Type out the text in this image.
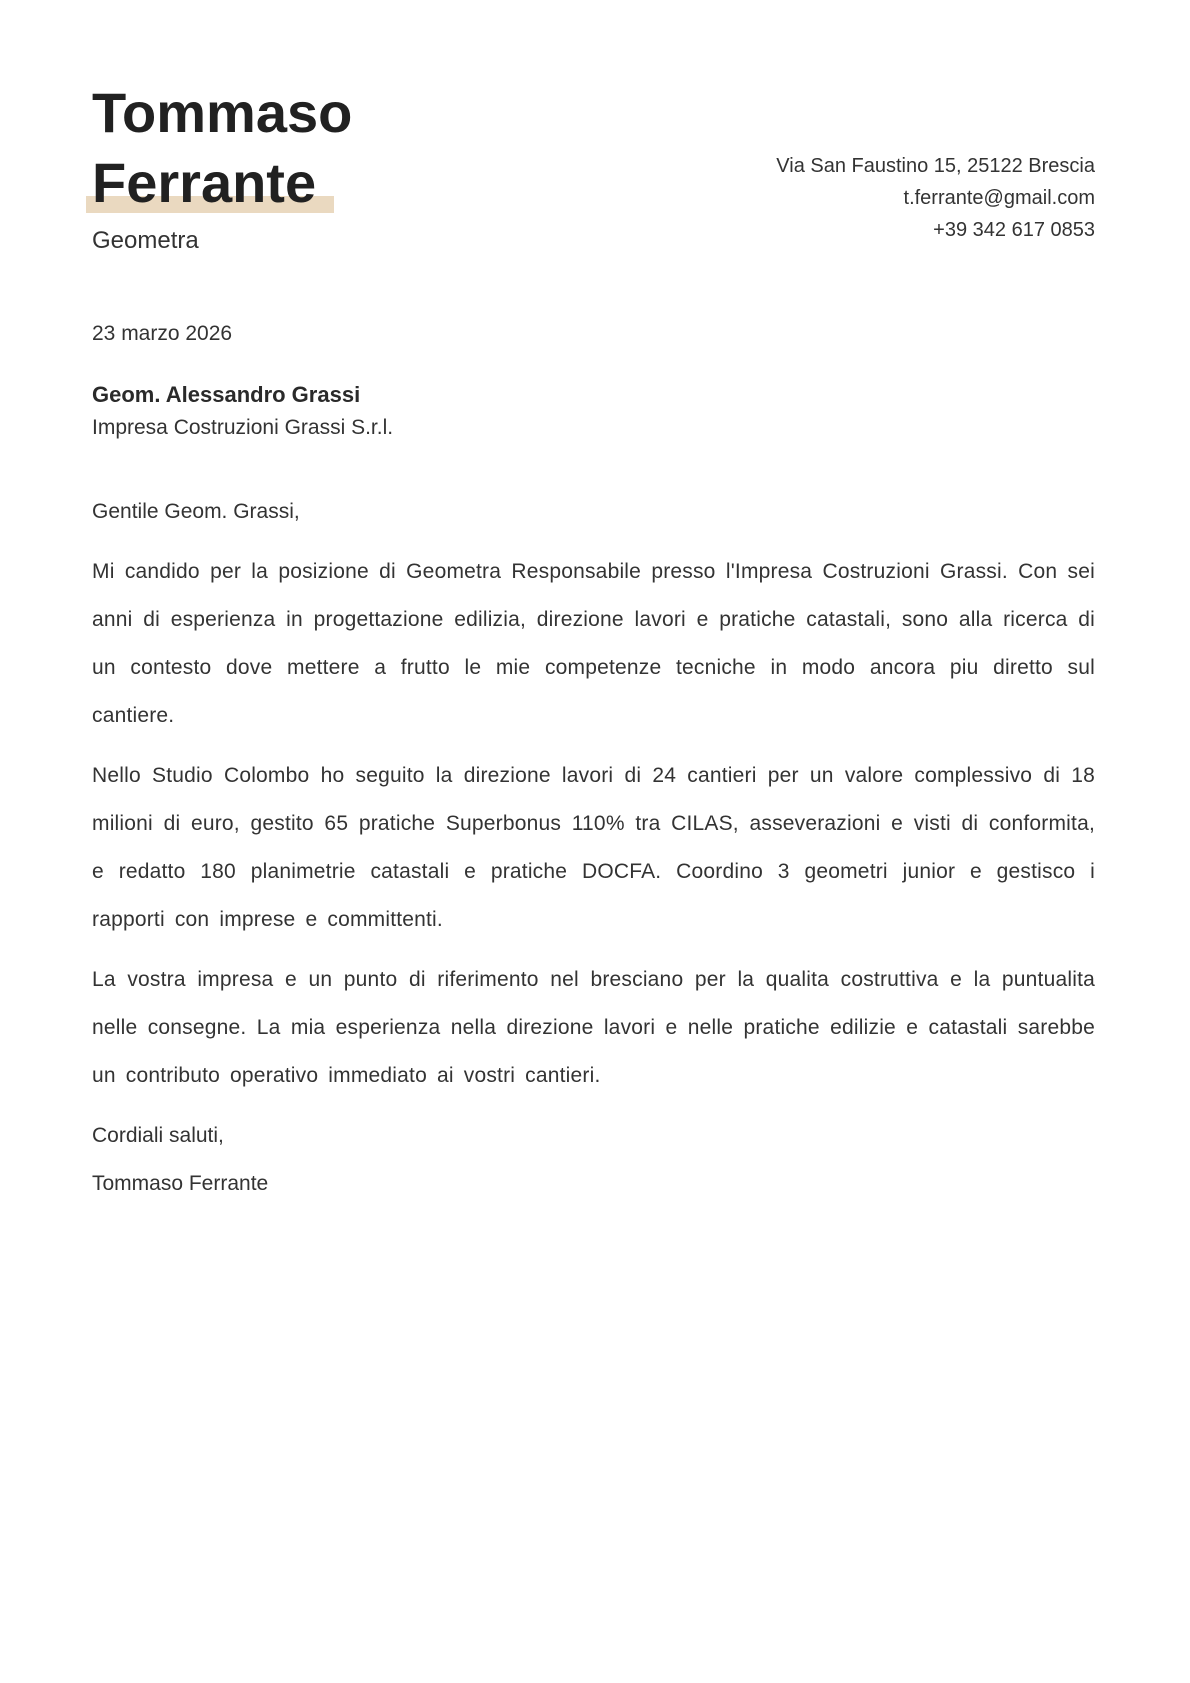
Tommaso
Ferrante
Geometra
Via San Faustino 15, 25122 Brescia
t.ferrante@gmail.com
+39 342 617 0853
23 marzo 2026
Geom. Alessandro Grassi
Impresa Costruzioni Grassi S.r.l.

Gentile Geom. Grassi,

Mi candido per la posizione di Geometra Responsabile presso l'Impresa Costruzioni Grassi. Con sei anni di esperienza in progettazione edilizia, direzione lavori e pratiche catastali, sono alla ricerca di un contesto dove mettere a frutto le mie competenze tecniche in modo ancora piu diretto sul cantiere.

Nello Studio Colombo ho seguito la direzione lavori di 24 cantieri per un valore complessivo di 18 milioni di euro, gestito 65 pratiche Superbonus 110% tra CILAS, asseverazioni e visti di conformita, e redatto 180 planimetrie catastali e pratiche DOCFA. Coordino 3 geometri junior e gestisco i rapporti con imprese e committenti.

La vostra impresa e un punto di riferimento nel bresciano per la qualita costruttiva e la puntualita nelle consegne. La mia esperienza nella direzione lavori e nelle pratiche edilizie e catastali sarebbe un contributo operativo immediato ai vostri cantieri.

Cordiali saluti,

Tommaso Ferrante
